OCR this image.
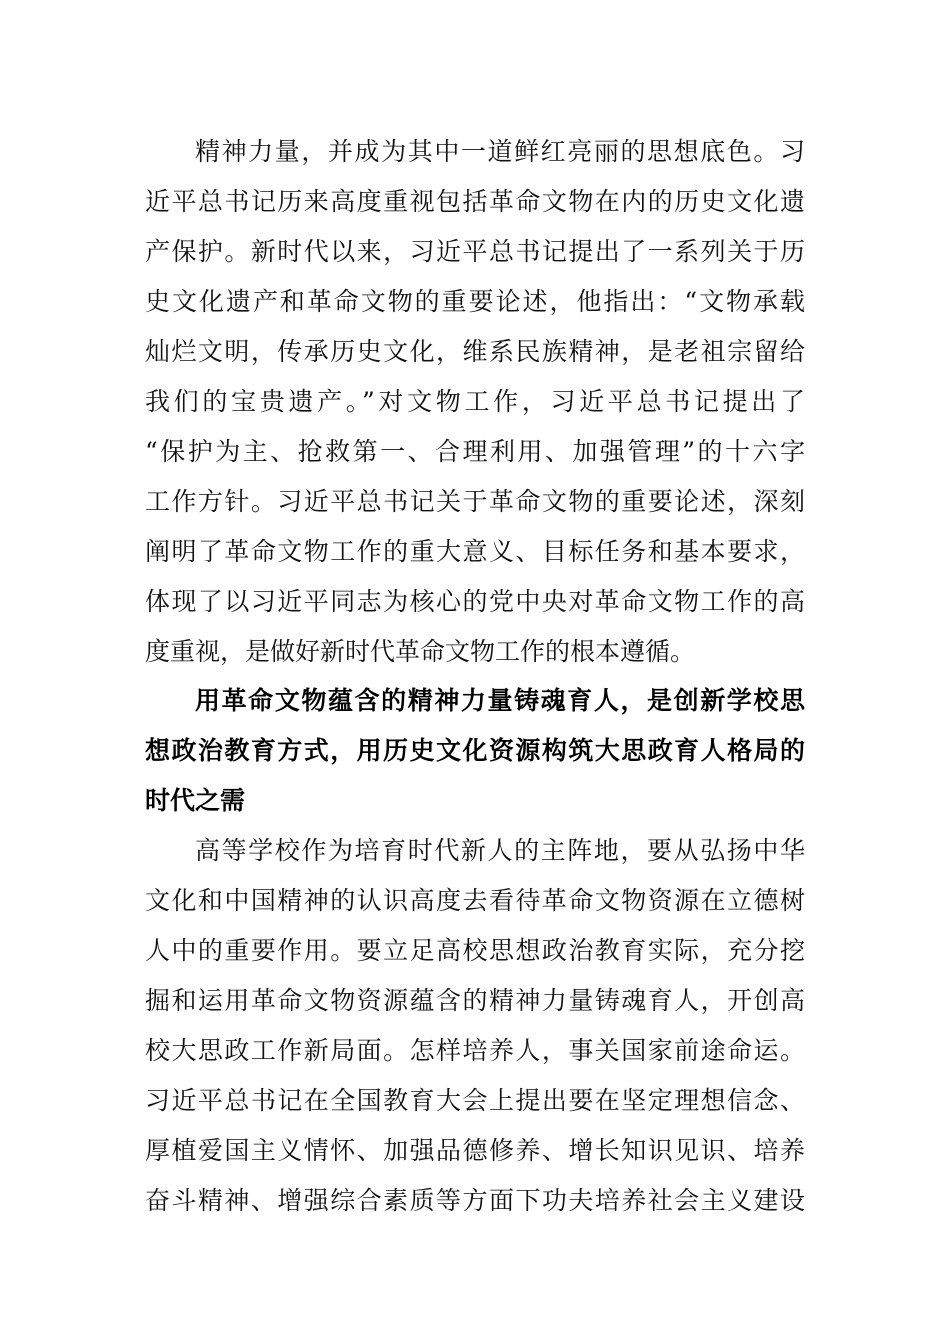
精神力量，并成为其中一道鲜红亮丽的思想底色。习
近平总书记历来高度重视包括革命文物在内的历史文化遗
产保护。新时代以来，习近平总书记提出了一系列关于历
史文化遗产和革命文物的重要论述，他指出：“文物承载
灿烂文明，传承历史文化，维系民族精神，是老祖宗留给
我们的宝贵遗产。”对文物工作，习近平总书记提出了
“保护为主、抢救第一、合理利用、加强管理”的十六字
工作方针。习近平总书记关于革命文物的重要论述，深刻
阐明了革命文物工作的重大意义、目标任务和基本要求，
体现了以习近平同志为核心的党中央对革命文物工作的高
度重视，是做好新时代革命文物工作的根本遵循。
用革命文物蕴含的精神力量铸魂育人，是创新学校思
想政治教育方式，用历史文化资源构筑大思政育人格局的
时代之需
高等学校作为培育时代新人的主阵地，要从弘扬中华
文化和中国精神的认识高度去看待革命文物资源在立德树
人中的重要作用。要立足高校思想政治教育实际，充分挖
掘和运用革命文物资源蕴含的精神力量铸魂育人，开创高
校大思政工作新局面。怎样培养人，事关国家前途命运。
习近平总书记在全国教育大会上提出要在坚定理想信念、
厚植爱国主义情怀、加强品德修养、增长知识见识、培养
奋斗精神、增强综合素质等方面下功夫培养社会主义建设
